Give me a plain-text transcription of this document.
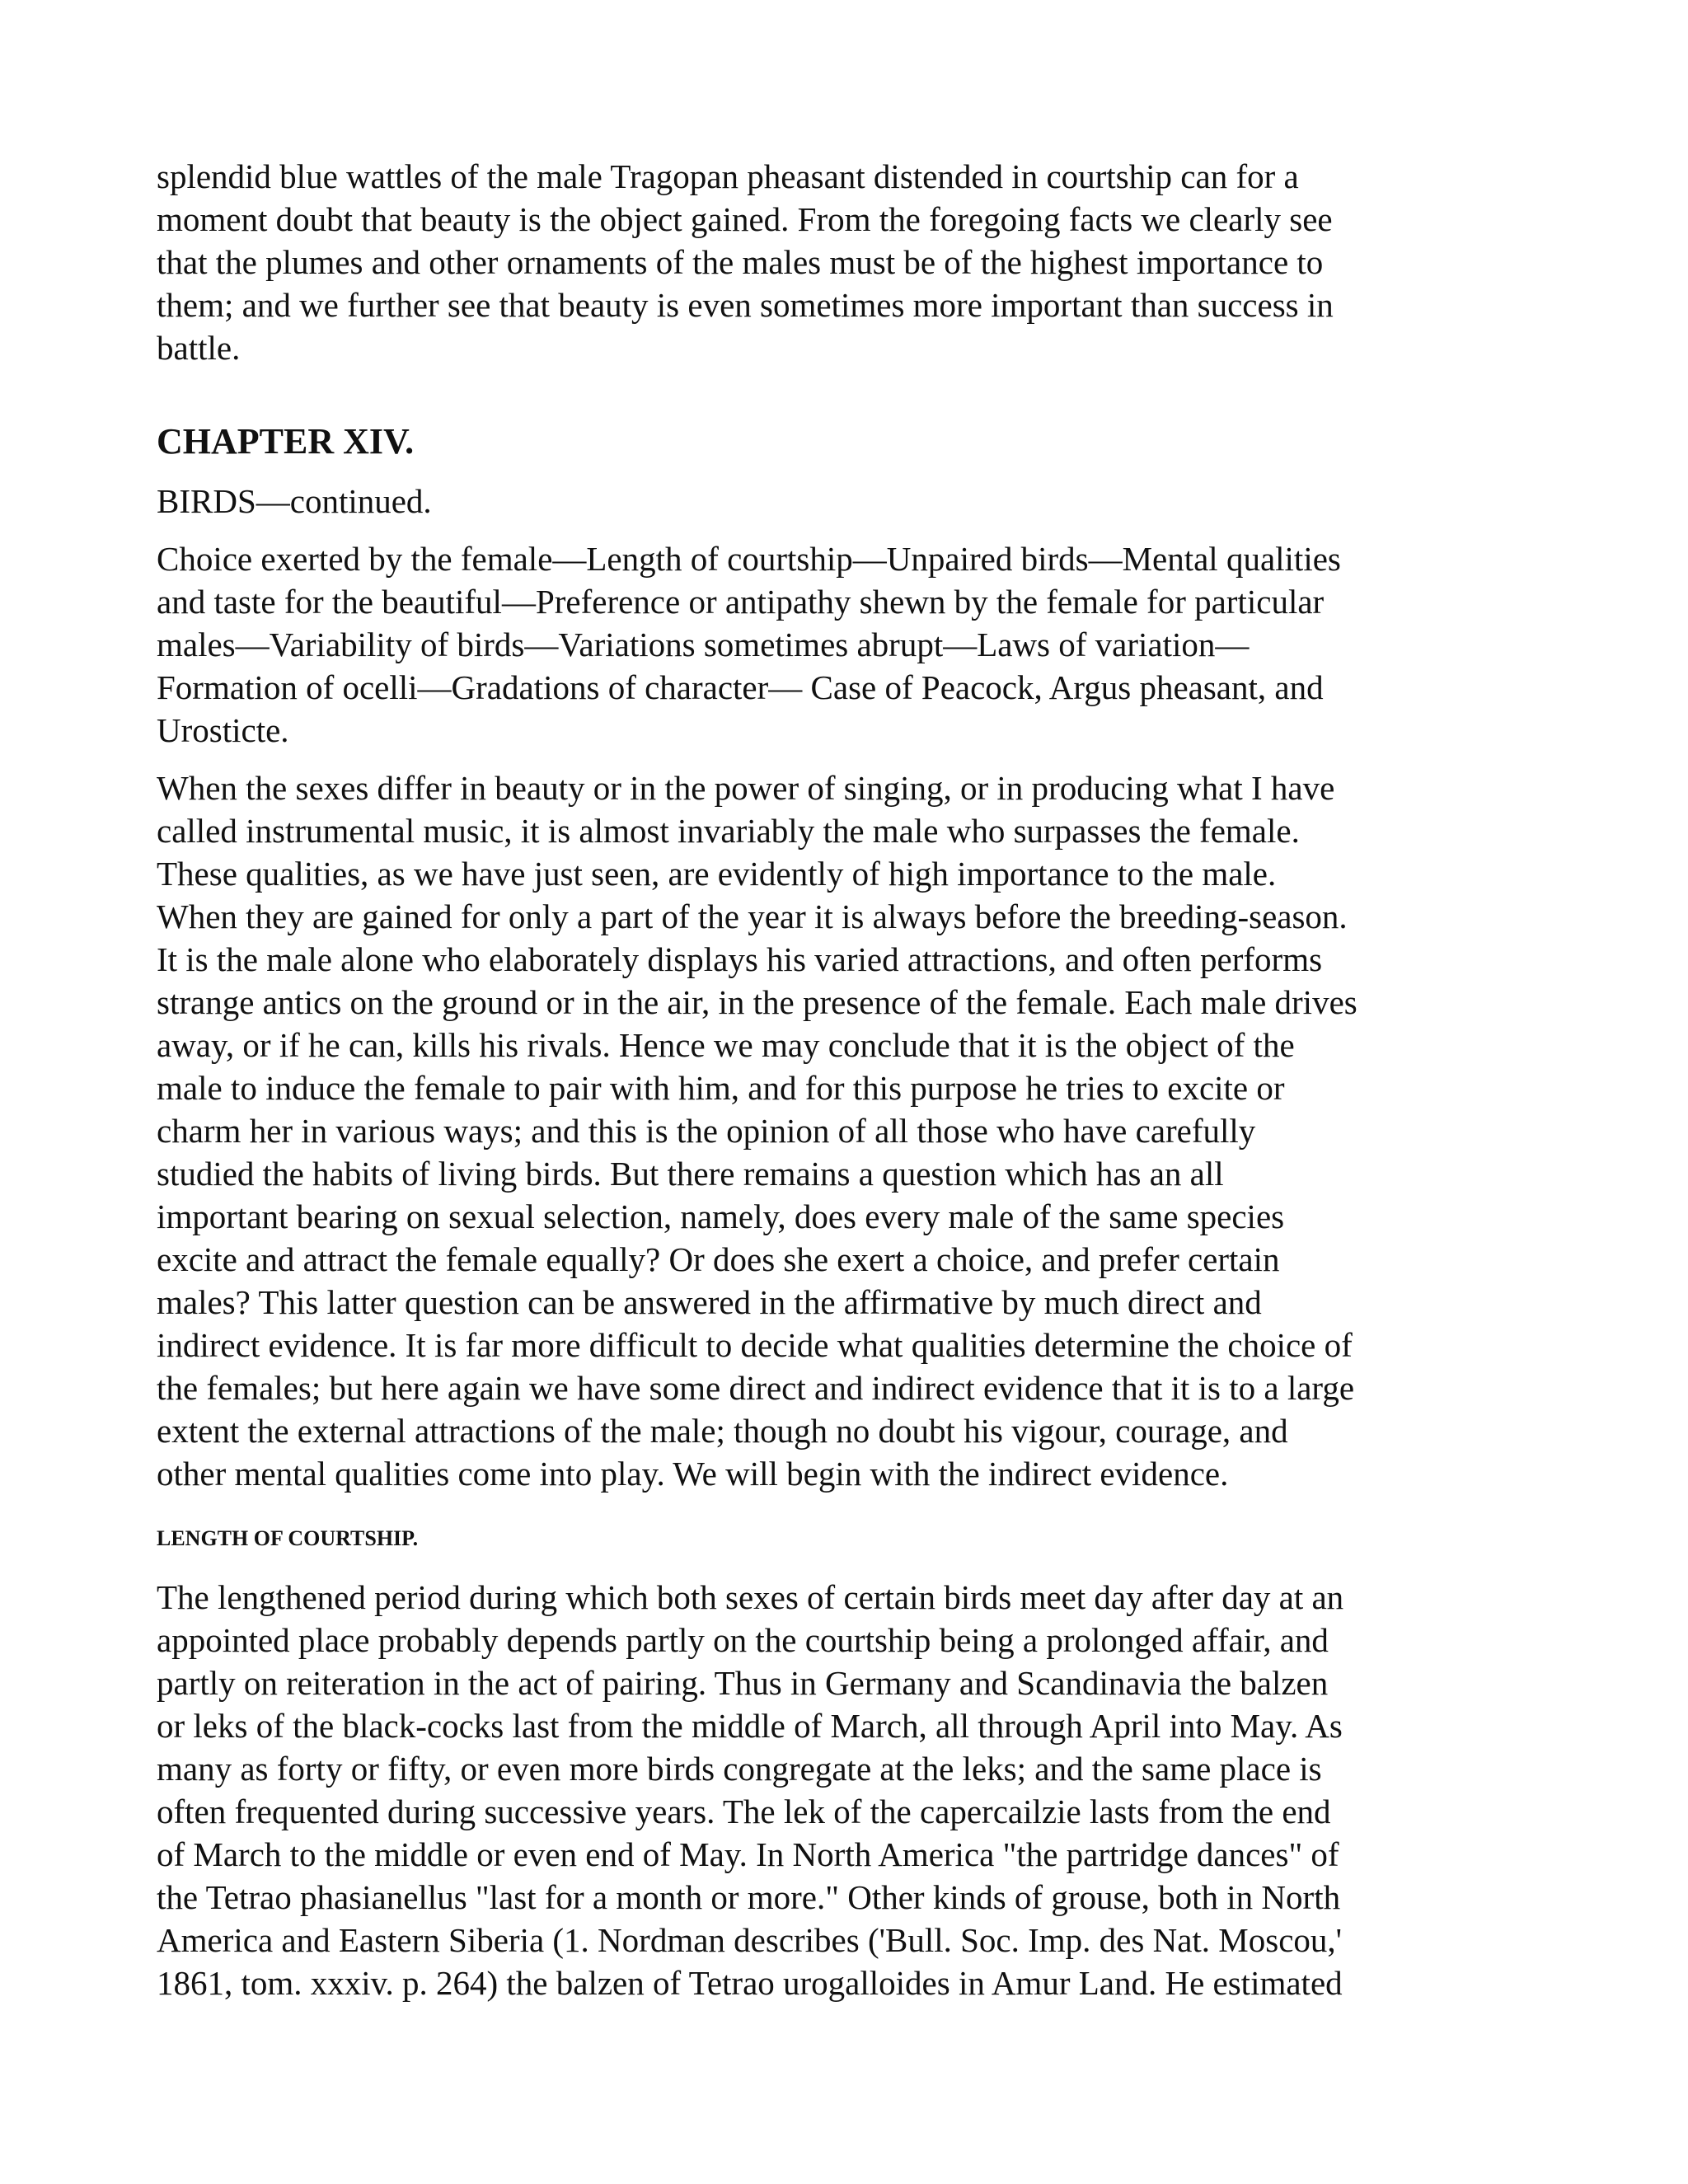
splendid blue wattles of the male Tragopan pheasant distended in courtship can for a
moment doubt that beauty is the object gained. From the foregoing facts we clearly see
that the plumes and other ornaments of the males must be of the highest importance to
them; and we further see that beauty is even sometimes more important than success in
battle.

CHAPTER XIV.

BIRDS—continued.

Choice exerted by the female—Length of courtship—Unpaired birds—Mental qualities
and taste for the beautiful—Preference or antipathy shewn by the female for particular
males—Variability of birds—Variations sometimes abrupt—Laws of variation—
Formation of ocelli—Gradations of character— Case of Peacock, Argus pheasant, and
Urosticte.

When the sexes differ in beauty or in the power of singing, or in producing what I have
called instrumental music, it is almost invariably the male who surpasses the female.
These qualities, as we have just seen, are evidently of high importance to the male.
When they are gained for only a part of the year it is always before the breeding-season.
It is the male alone who elaborately displays his varied attractions, and often performs
strange antics on the ground or in the air, in the presence of the female. Each male drives
away, or if he can, kills his rivals. Hence we may conclude that it is the object of the
male to induce the female to pair with him, and for this purpose he tries to excite or
charm her in various ways; and this is the opinion of all those who have carefully
studied the habits of living birds. But there remains a question which has an all
important bearing on sexual selection, namely, does every male of the same species
excite and attract the female equally? Or does she exert a choice, and prefer certain
males? This latter question can be answered in the affirmative by much direct and
indirect evidence. It is far more difficult to decide what qualities determine the choice of
the females; but here again we have some direct and indirect evidence that it is to a large
extent the external attractions of the male; though no doubt his vigour, courage, and
other mental qualities come into play. We will begin with the indirect evidence.

LENGTH OF COURTSHIP.

The lengthened period during which both sexes of certain birds meet day after day at an
appointed place probably depends partly on the courtship being a prolonged affair, and
partly on reiteration in the act of pairing. Thus in Germany and Scandinavia the balzen
or leks of the black-cocks last from the middle of March, all through April into May. As
many as forty or fifty, or even more birds congregate at the leks; and the same place is
often frequented during successive years. The lek of the capercailzie lasts from the end
of March to the middle or even end of May. In North America "the partridge dances" of
the Tetrao phasianellus "last for a month or more." Other kinds of grouse, both in North
America and Eastern Siberia (1. Nordman describes ('Bull. Soc. Imp. des Nat. Moscou,'
1861, tom. xxxiv. p. 264) the balzen of Tetrao urogalloides in Amur Land. He estimated
